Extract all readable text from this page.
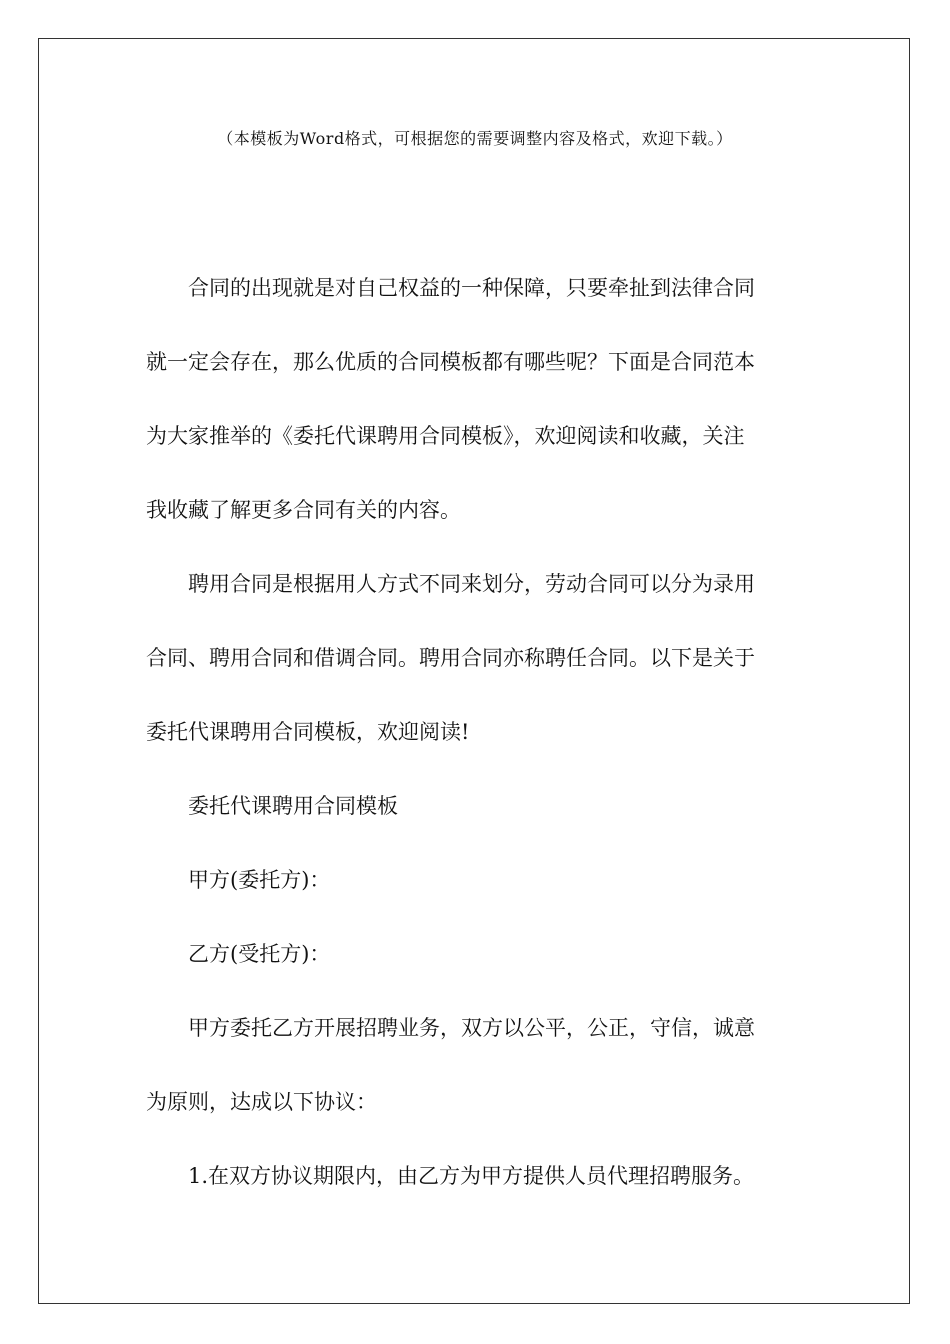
（本模板为Word格式，可根据您的需要调整内容及格式，欢迎下载。）
合同的出现就是对自己权益的一种保障，只要牵扯到法律合同
就一定会存在，那么优质的合同模板都有哪些呢？下面是合同范本
为大家推举的《委托代课聘用合同模板》，欢迎阅读和收藏，关注
我收藏了解更多合同有关的内容。
聘用合同是根据用人方式不同来划分，劳动合同可以分为录用
合同、聘用合同和借调合同。聘用合同亦称聘任合同。以下是关于
委托代课聘用合同模板，欢迎阅读!
委托代课聘用合同模板
甲方(委托方)：
乙方(受托方)：
甲方委托乙方开展招聘业务，双方以公平，公正，守信，诚意
为原则，达成以下协议：
1.在双方协议期限内，由乙方为甲方提供人员代理招聘服务。
